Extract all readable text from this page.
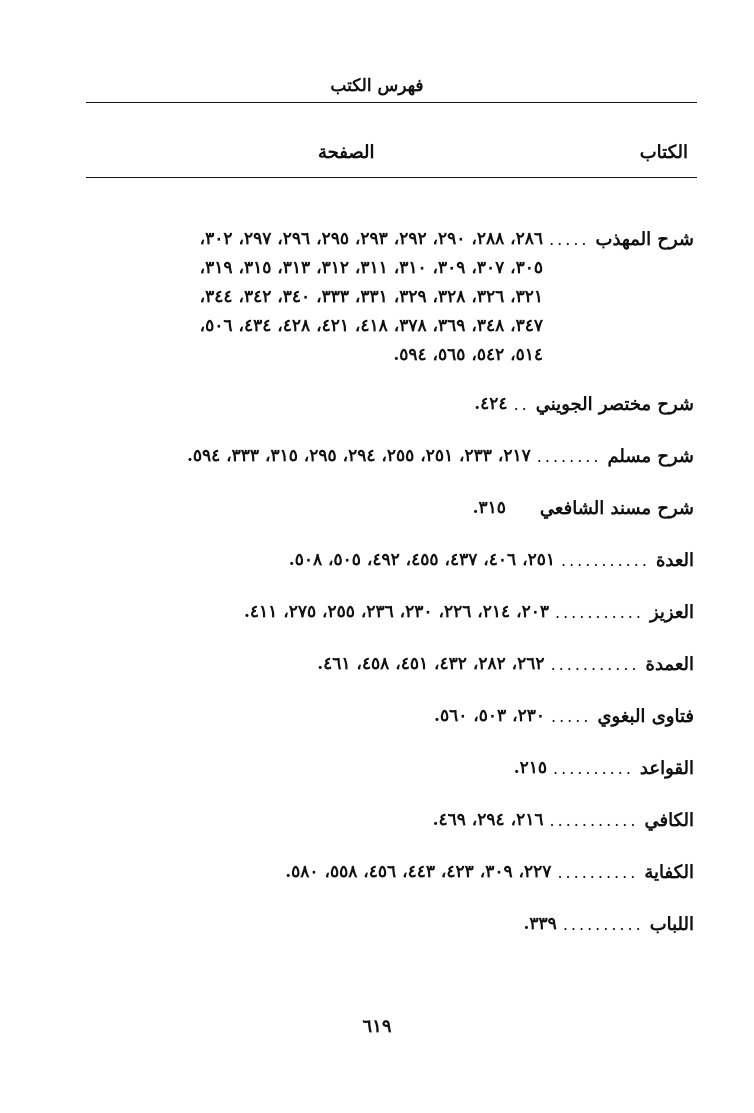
فهرس الكتب
الكتاب
الصفحة
شرح المهذب
.....
٢٨٦، ٢٨٨، ٢٩٠، ٢٩٢، ٢٩٣، ٢٩٥، ٢٩٦، ٢٩٧، ٣٠٢،
٣٠٥، ٣٠٧، ٣٠٩، ٣١٠، ٣١١، ٣١٢، ٣١٣، ٣١٥، ٣١٩،
٣٢١، ٣٢٦، ٣٢٨، ٣٢٩، ٣٣١، ٣٣٣، ٣٤٠، ٣٤٢، ٣٤٤،
٣٤٧، ٣٤٨، ٣٦٩، ٣٧٨، ٤١٨، ٤٢١، ٤٢٨، ٤٣٤، ٥٠٦،
٥١٤، ٥٤٢، ٥٦٥، ٥٩٤.
شرح مختصر الجويني
..
٤٢٤.
شرح مسلم
........
٢١٧، ٢٣٣، ٢٥١، ٢٥٥، ٢٩٤، ٢٩٥، ٣١٥، ٣٣٣، ٥٩٤.
شرح مسند الشافعي
٣١٥.
العدة
...........
٢٥١، ٤٠٦، ٤٣٧، ٤٥٥، ٤٩٢، ٥٠٥، ٥٠٨.
العزيز
...........
٢٠٣، ٢١٤، ٢٢٦، ٢٣٠، ٢٣٦، ٢٥٥، ٢٧٥، ٤١١.
العمدة
...........
٢٦٢، ٢٨٢، ٤٣٢، ٤٥١، ٤٥٨، ٤٦١.
فتاوى البغوي
.....
٢٣٠، ٥٠٣، ٥٦٠.
القواعد
..........
٢١٥.
الكافي
...........
٢١٦، ٢٩٤، ٤٦٩.
الكفاية
..........
٢٢٧، ٣٠٩، ٤٢٣، ٤٤٣، ٤٥٦، ٥٥٨، ٥٨٠.
اللباب
..........
٣٣٩.
٦١٩
